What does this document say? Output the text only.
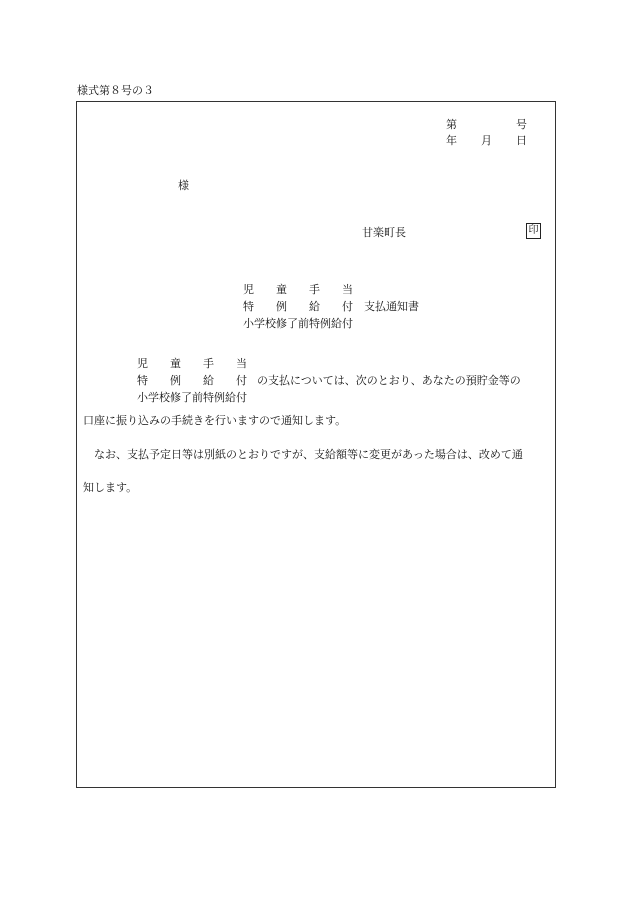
様式第８号の３
第	号
年 月 日
様
甘楽町長	印
児　　童　　手　　当
特　　例　　給　　付 支払通知書
小学校修了前特例給付
児　　童　　手　　当
特　　例　　給　　付 の支払については、次のとおり、あなたの預貯金等の
小学校修了前特例給付
口座に振り込みの手続きを行いますので通知します。
なお、支払予定日等は別紙のとおりですが、支給額等に変更があった場合は、改めて通
知します。
